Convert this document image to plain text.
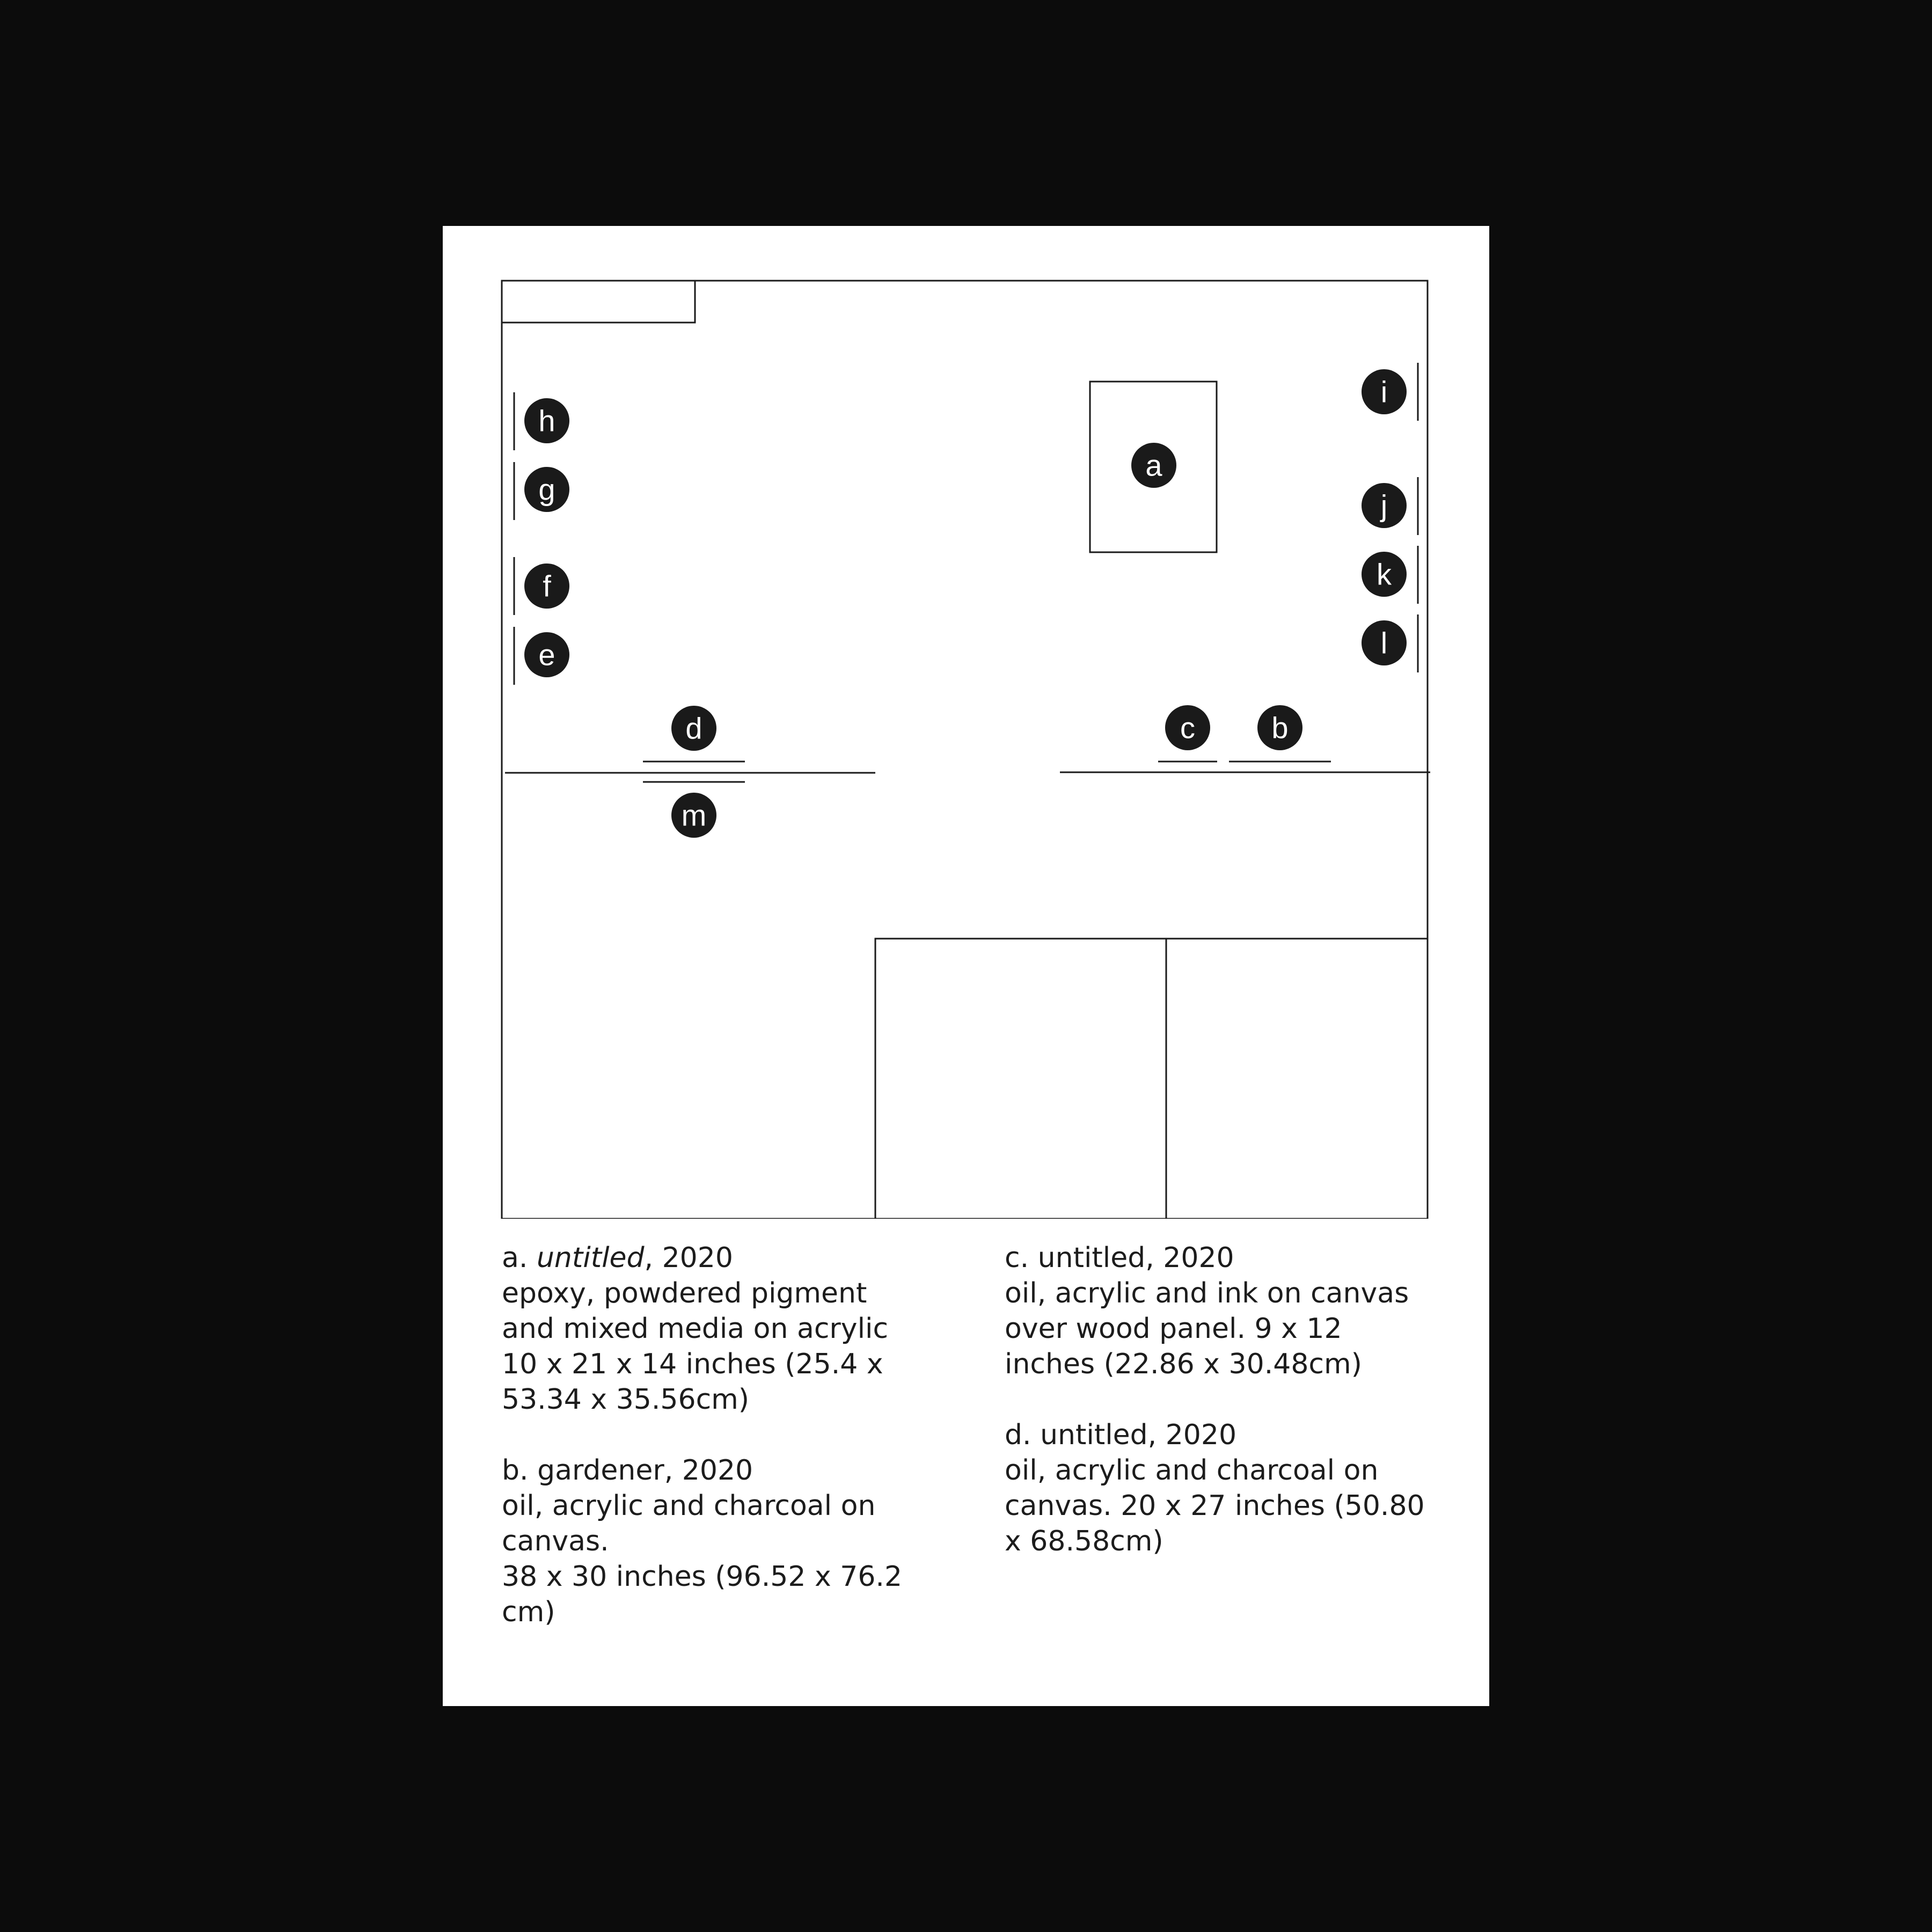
a
b
c
d
e
f
g
h
i
j
k
l
m
a. untitled, 2020
epoxy, powdered pigment
and mixed media on acrylic
10 x 21 x 14 inches (25.4 x
53.34 x 35.56cm)
b. gardener, 2020
oil, acrylic and charcoal on
canvas.
38 x 30 inches (96.52 x 76.2
cm)
c. untitled, 2020
oil, acrylic and ink on canvas
over wood panel. 9 x 12
inches (22.86 x 30.48cm)
d. untitled, 2020
oil, acrylic and charcoal on
canvas. 20 x 27 inches (50.80
x 68.58cm)
